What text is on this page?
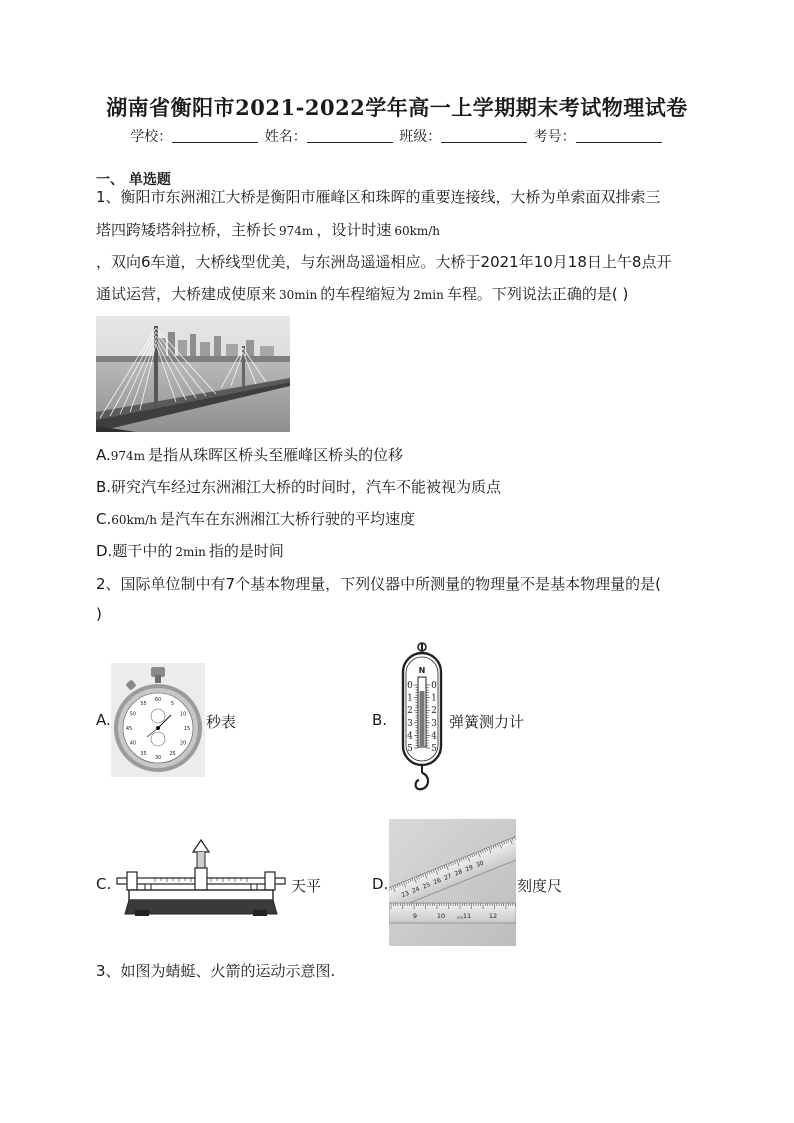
湖南省衡阳市2021-2022学年高一上学期期末考试物理试卷
学校：	姓名：	班级：	考号：
一、 单选题
1、衡阳市东洲湘江大桥是衡阳市雁峰区和珠晖的重要连接线，大桥为单索面双排索三
塔四跨矮塔斜拉桥，主桥长 974m ，设计时速 60km/h
，双向6车道，大桥线型优美，与东洲岛遥遥相应。大桥于2021年10月18日上午8点开
通试运营，大桥建成使原来 30min 的车程缩短为 2min 车程。下列说法正确的是( )
A.974m 是指从珠晖区桥头至雁峰区桥头的位移
B.研究汽车经过东洲湘江大桥的时间时，汽车不能被视为质点
C.60km/h 是汽车在东洲湘江大桥行驶的平均速度
D.题干中的 2min 指的是时间
2、国际单位制中有7个基本物理量，下列仪器中所测量的物理量不是基本物理量的是(
)
A.
60
5
10
15
20
25
30
35
40
45
50
55
秒表	B.
N
0 0
1 1
2 2
3 3
4 4
5 5
弹簧测力计
C.	天平	D.
23 24 25 26 27 28 29 30
9	10	11	12
cm
刻度尺
3、如图为蜻蜓、火箭的运动示意图.
